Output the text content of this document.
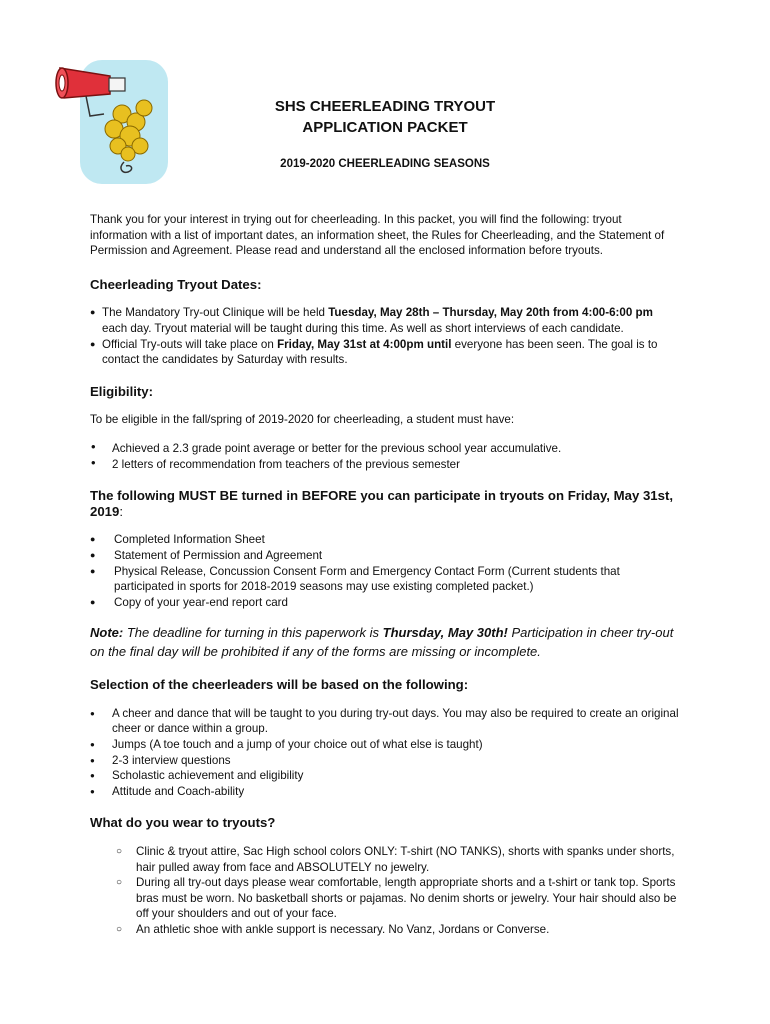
SHS CHEERLEADING TRYOUT
APPLICATION PACKET
2019-2020 CHEERLEADING SEASONS

Thank you for your interest in trying out for cheerleading. In this packet, you will find the following: tryout information with a list of important dates, an information sheet, the Rules for Cheerleading, and the Statement of Permission and Agreement. Please read and understand all the enclosed information before tryouts.

Cheerleading Tryout Dates:

● The Mandatory Try-out Clinique will be held Tuesday, May 28th – Thursday, May 20th from 4:00-6:00 pm each day. Tryout material will be taught during this time. As well as short interviews of each candidate.
● Official Try-outs will take place on Friday, May 31st at 4:00pm until everyone has been seen. The goal is to contact the candidates by Saturday with results.

Eligibility:

To be eligible in the fall/spring of 2019-2020 for cheerleading, a student must have:

• Achieved a 2.3 grade point average or better for the previous school year accumulative.
• 2 letters of recommendation from teachers of the previous semester

The following MUST BE turned in BEFORE you can participate in tryouts on Friday, May 31st, 2019:

● Completed Information Sheet
● Statement of Permission and Agreement
● Physical Release, Concussion Consent Form and Emergency Contact Form (Current students that participated in sports for 2018-2019 seasons may use existing completed packet.)
● Copy of your year-end report card

Note: The deadline for turning in this paperwork is Thursday, May 30th! Participation in cheer try-out on the final day will be prohibited if any of the forms are missing or incomplete.

Selection of the cheerleaders will be based on the following:

● A cheer and dance that will be taught to you during try-out days. You may also be required to create an original cheer or dance within a group.
● Jumps (A toe touch and a jump of your choice out of what else is taught)
● 2-3 interview questions
● Scholastic achievement and eligibility
● Attitude and Coach-ability

What do you wear to tryouts?

○ Clinic & tryout attire, Sac High school colors ONLY: T-shirt (NO TANKS), shorts with spanks under shorts, hair pulled away from face and ABSOLUTELY no jewelry.
○ During all try-out days please wear comfortable, length appropriate shorts and a t-shirt or tank top. Sports bras must be worn. No basketball shorts or pajamas. No denim shorts or jewelry. Your hair should also be off your shoulders and out of your face.
○ An athletic shoe with ankle support is necessary. No Vanz, Jordans or Converse.
